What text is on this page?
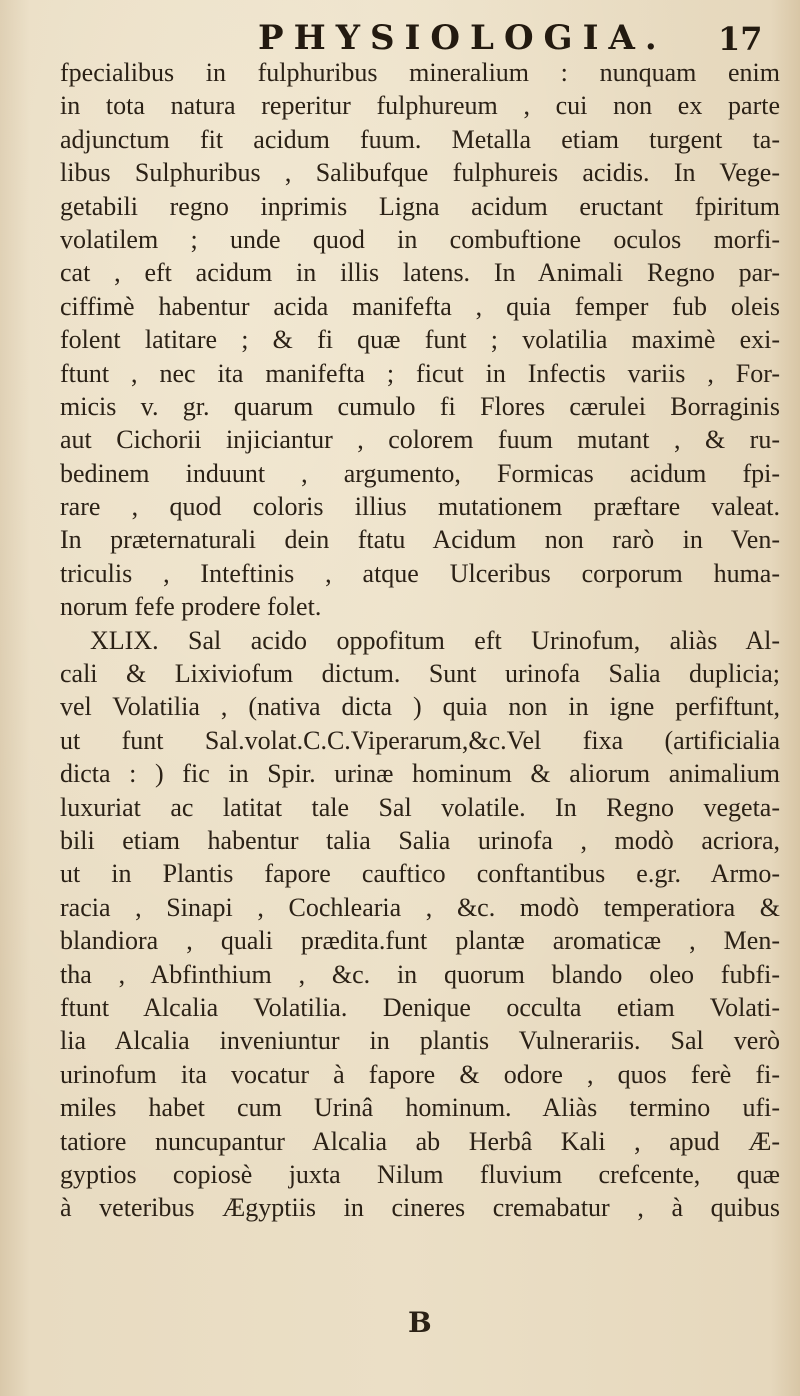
PHYSIOLOGIA. 17
fpecialibus in fulphuribus mineralium : nunquam enim
in tota natura reperitur fulphureum , cui non ex parte
adjunctum fit acidum fuum. Metalla etiam turgent ta-
libus Sulphuribus , Salibufque fulphureis acidis. In Vege-
getabili regno inprimis Ligna acidum eructant fpiritum
volatilem ; unde quod in combuftione oculos morfi-
cat , eft acidum in illis latens. In Animali Regno par-
ciffimè habentur acida manifefta , quia femper fub oleis
folent latitare ; & fi quæ funt ; volatilia maximè exi-
ftunt , nec ita manifefta ; ficut in Infectis variis , For-
micis v. gr. quarum cumulo fi Flores cærulei Borraginis
aut Cichorii injiciantur , colorem fuum mutant , & ru-
bedinem induunt , argumento, Formicas acidum fpi-
rare , quod coloris illius mutationem præftare valeat.
In præternaturali dein ftatu Acidum non rarò in Ven-
triculis , Inteftinis , atque Ulceribus corporum huma-
norum fefe prodere folet.
XLIX. Sal acido oppofitum eft Urinofum, aliàs Al-
cali & Lixiviofum dictum. Sunt urinofa Salia duplicia;
vel Volatilia , (nativa dicta ) quia non in igne perfiftunt,
ut funt Sal.volat.C.C.Viperarum,&c.Vel fixa (artificialia
dicta : ) fic in Spir. urinæ hominum & aliorum animalium
luxuriat ac latitat tale Sal volatile. In Regno vegeta-
bili etiam habentur talia Salia urinofa , modò acriora,
ut in Plantis fapore cauftico conftantibus e.gr. Armo-
racia , Sinapi , Cochlearia , &c. modò temperatiora &
blandiora , quali prædita.funt plantæ aromaticæ , Men-
tha , Abfinthium , &c. in quorum blando oleo fubfi-
ftunt Alcalia Volatilia. Denique occulta etiam Volati-
lia Alcalia inveniuntur in plantis Vulnerariis. Sal verò
urinofum ita vocatur à fapore & odore , quos ferè fi-
miles habet cum Urinâ hominum. Aliàs termino ufi-
tatiore nuncupantur Alcalia ab Herbâ Kali , apud Æ-
gyptios copiosè juxta Nilum fluvium crefcente, quæ
à veteribus Ægyptiis in cineres cremabatur , à quibus
B
